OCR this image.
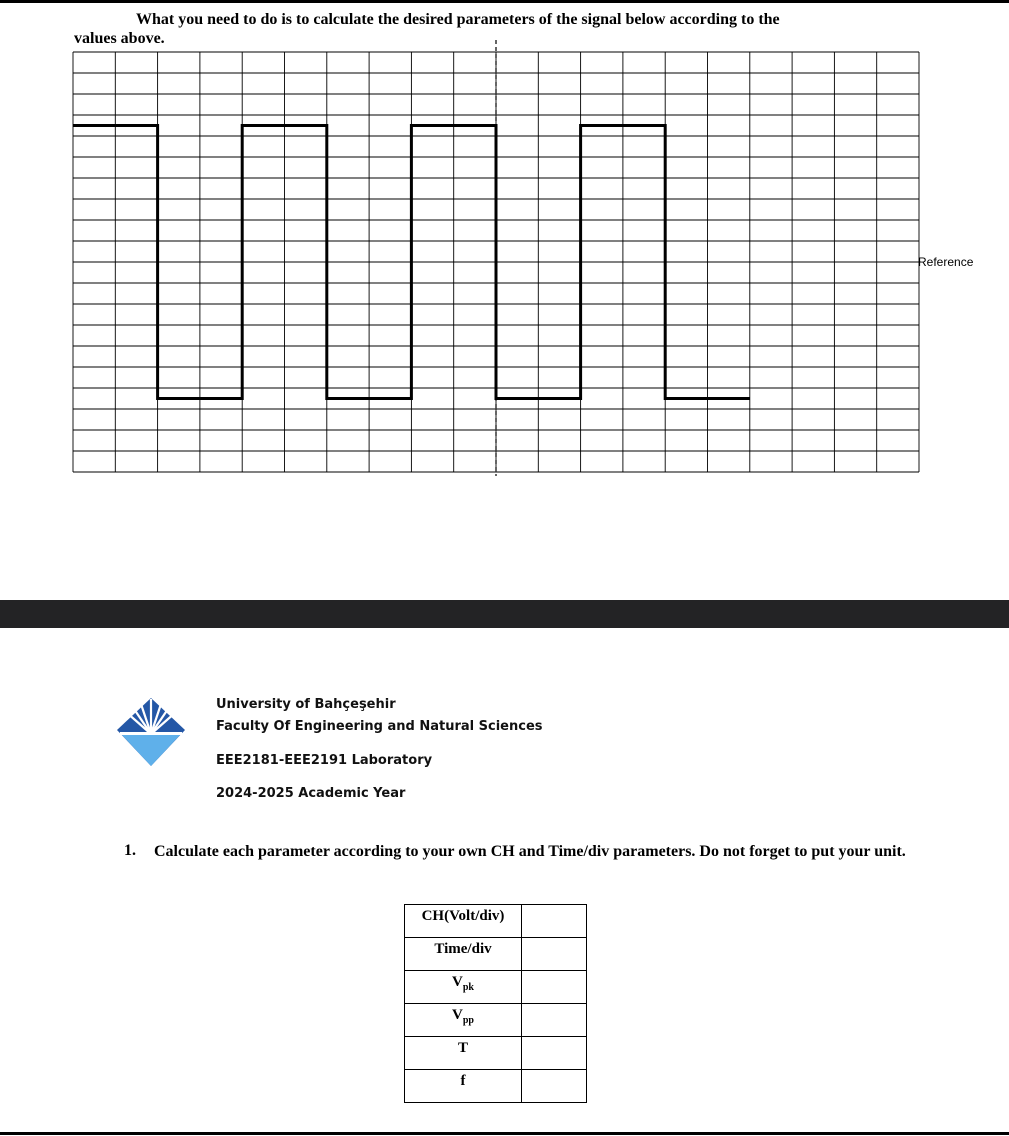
What you need to do is to calculate the desired parameters of the signal below according to the
values above.
Reference
University of Bahçeşehir
Faculty Of Engineering and Natural Sciences
EEE2181-EEE2191 Laboratory
2024-2025 Academic Year
1. Calculate each parameter according to your own CH and Time/div parameters. Do not forget to put your unit.
CH(Volt/div)	
Time/div	
$V_{pk}$	
$V_{pp}$	
T	
f	
